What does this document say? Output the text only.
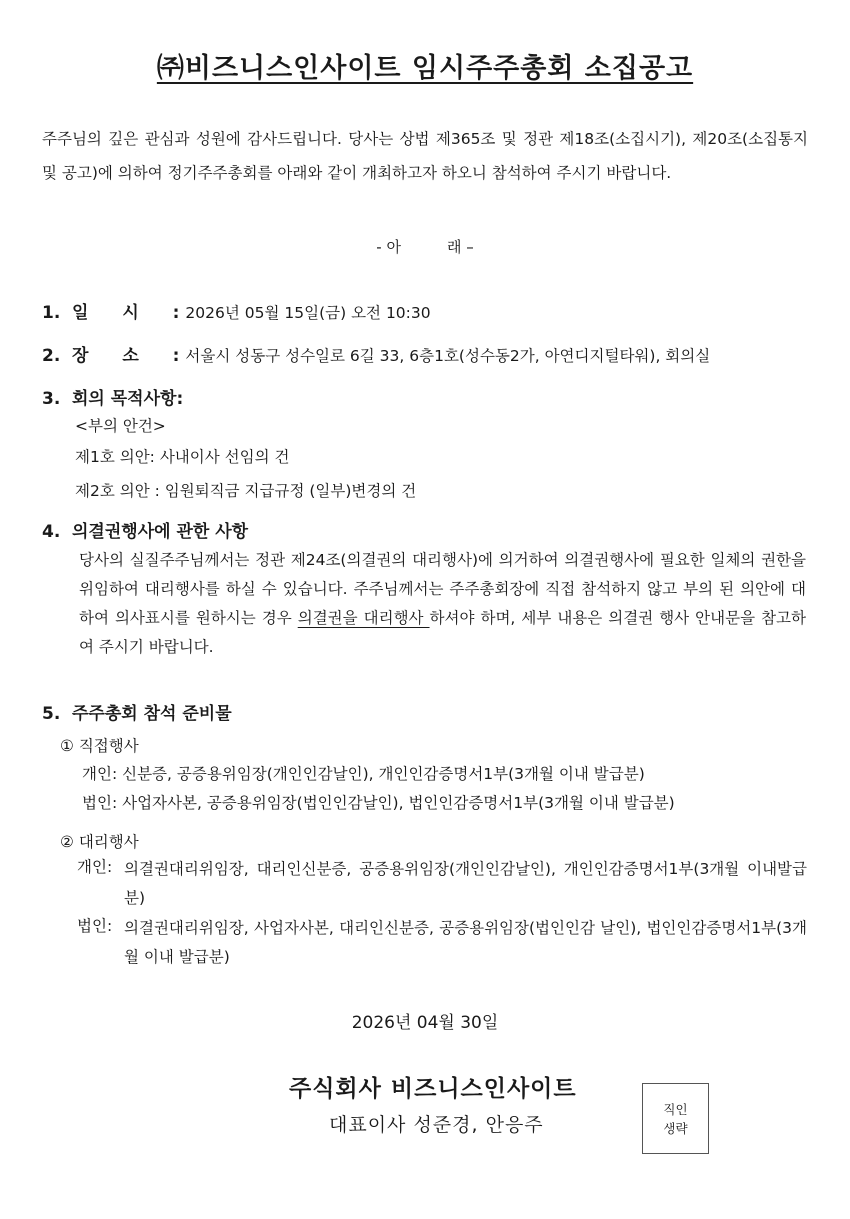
㈜비즈니스인사이트 임시주주총회 소집공고
주주님의 깊은 관심과 성원에 감사드립니다. 당사는 상법 제365조 및 정관 제18조(소집시기), 제20조(소집통지 및 공고)에 의하여 정기주주총회를 아래와 같이 개최하고자 하오니 참석하여 주시기 바랍니다.
- 아	래 –
1. 일 시 : 2026년 05월 15일(금) 오전 10:30
2. 장 소 : 서울시 성동구 성수일로 6길 33, 6층1호(성수동2가, 아연디지털타워), 회의실
3. 회의 목적사항:
<부의 안건>
제1호 의안: 사내이사 선임의 건
제2호 의안 : 임원퇴직금 지급규정 (일부)변경의 건
4. 의결권행사에 관한 사항
당사의 실질주주님께서는 정관 제24조(의결권의 대리행사)에 의거하여 의결권행사에 필요한 일체의 권한을 위임하여 대리행사를 하실 수 있습니다. 주주님께서는 주주총회장에 직접 참석하지 않고 부의 된 의안에 대하여 의사표시를 원하시는 경우 의결권을 대리행사 하셔야 하며, 세부 내용은 의결권 행사 안내문을 참고하여 주시기 바랍니다.
5. 주주총회 참석 준비물
① 직접행사
개인: 신분증, 공증용위임장(개인인감날인), 개인인감증명서1부(3개월 이내 발급분)
법인: 사업자사본, 공증용위임장(법인인감날인), 법인인감증명서1부(3개월 이내 발급분)
② 대리행사
개인: 의결권대리위임장, 대리인신분증, 공증용위임장(개인인감날인), 개인인감증명서1부(3개월 이내발급분)
법인: 의결권대리위임장, 사업자사본, 대리인신분증, 공증용위임장(법인인감 날인), 법인인감증명서1부(3개월 이내 발급분)
2026년 04월 30일
주식회사 비즈니스인사이트
대표이사 성준경, 안응주
직인
생략
